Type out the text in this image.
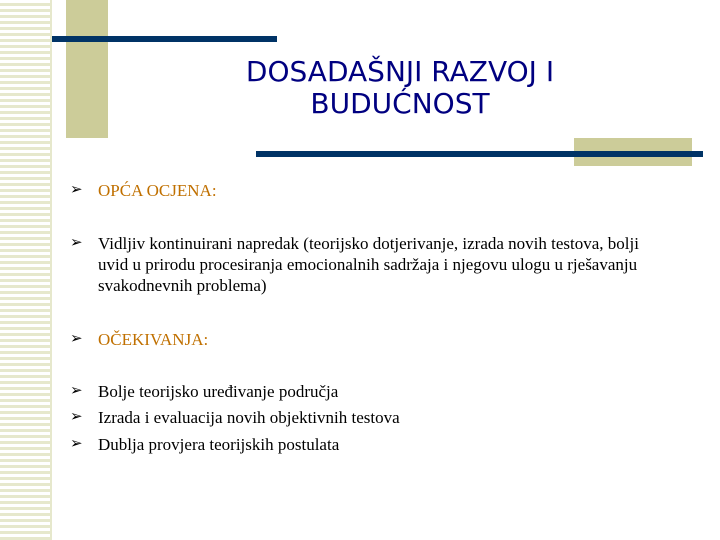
DOSADAŠNJI RAZVOJ I BUDUĆNOST
➢ OPĆA OCJENA:
➢ Vidljiv kontinuirani napredak (teorijsko dotjerivanje, izrada novih testova, bolji uvid u prirodu procesiranja emocionalnih sadržaja i njegovu ulogu u rješavanju svakodnevnih problema)
➢ OČEKIVANJA:
➢ Bolje teorijsko uređivanje područja
➢ Izrada i evaluacija novih objektivnih testova
➢ Dublja provjera teorijskih postulata
